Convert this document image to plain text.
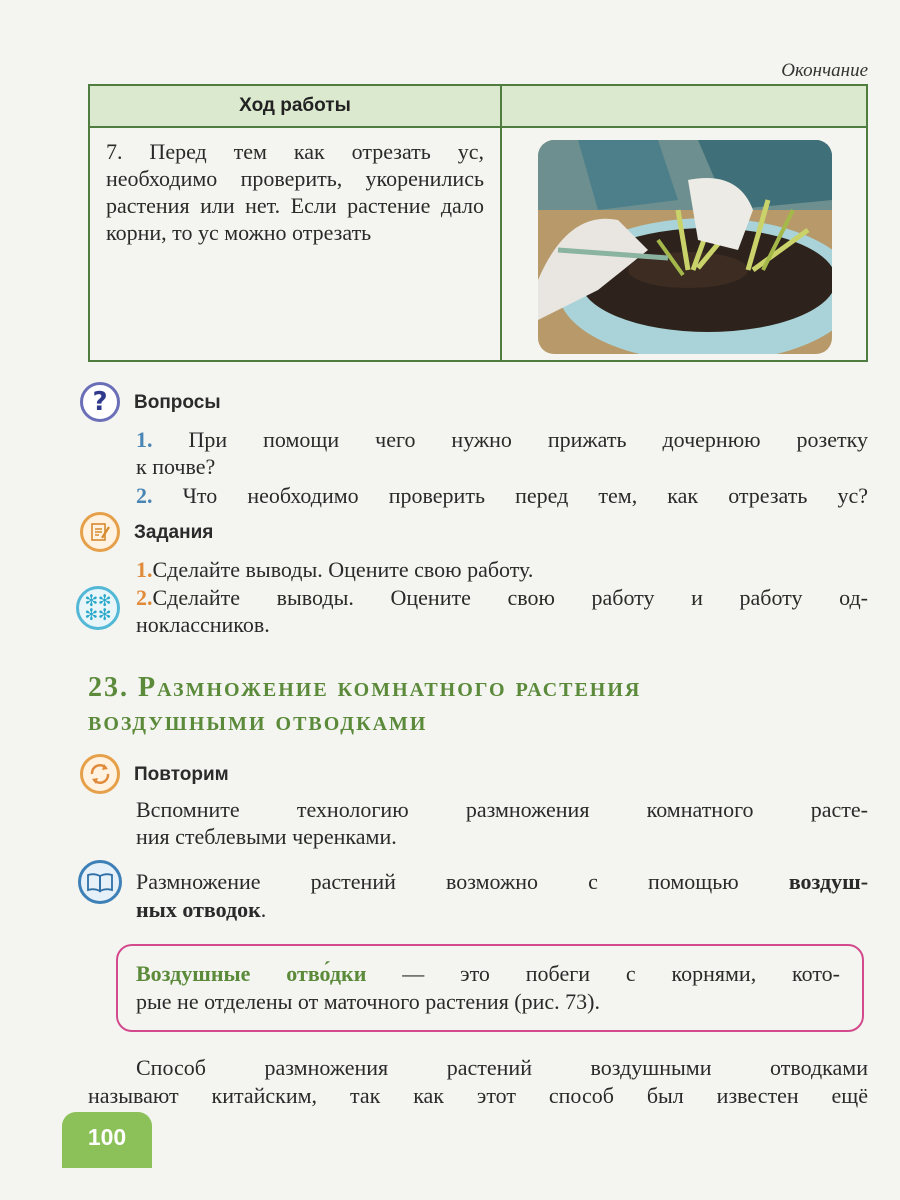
Окончание
Ход работы
7. Перед тем как отрезать ус, необходимо проверить, укоренились растения или нет. Если растение дало корни, то ус можно отрезать
? Вопросы
1. При помощи чего нужно прижать дочернюю розетку
к почве?
2. Что необходимо проверить перед тем, как отрезать ус?
Задания
1.Сделайте выводы. Оцените свою работу.
✻✻
✻✻
2.Сделайте выводы. Оцените свою работу и работу од-
ноклассников.
23. Размножение комнатного растения
воздушными отводками
Повторим
Вспомните технологию размножения комнатного расте-
ния стеблевыми черенками.
Размножение растений возможно с помощью воздуш-
ных отводок.
Воздушные отво́дки — это побеги с корнями, кото-
рые не отделены от маточного растения (рис. 73).
Способ размножения растений воздушными отводками
называют китайским, так как этот способ был известен ещё
100
